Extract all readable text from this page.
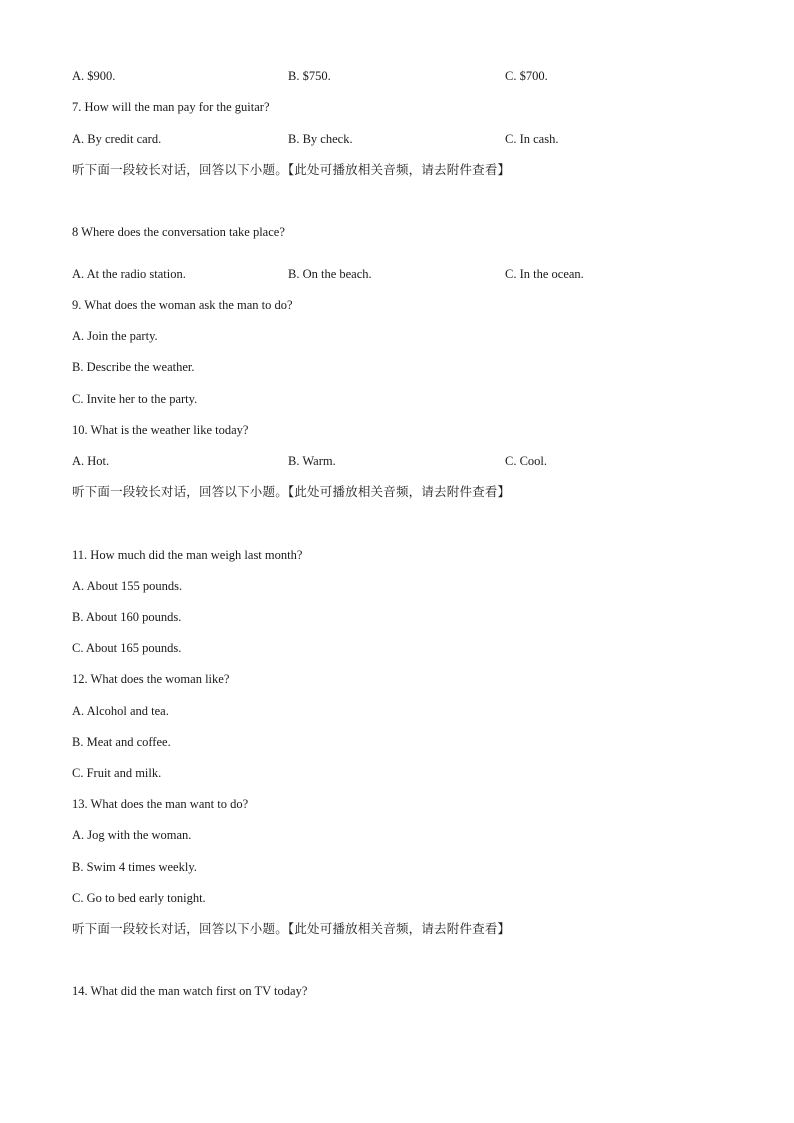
A. $900.	B. $750.	C. $700.
7. How will the man pay for the guitar?
A. By credit card.	B. By check.	C. In cash.
听下面一段较长对话，回答以下小题。【此处可播放相关音频，请去附件查看】
8 Where does the conversation take place?
A. At the radio station.	B. On the beach.	C. In the ocean.
9. What does the woman ask the man to do?
A. Join the party.
B. Describe the weather.
C. Invite her to the party.
10. What is the weather like today?
A. Hot.	B. Warm.	C. Cool.
听下面一段较长对话，回答以下小题。【此处可播放相关音频，请去附件查看】
11. How much did the man weigh last month?
A. About 155 pounds.
B. About 160 pounds.
C. About 165 pounds.
12. What does the woman like?
A. Alcohol and tea.
B. Meat and coffee.
C. Fruit and milk.
13. What does the man want to do?
A. Jog with the woman.
B. Swim 4 times weekly.
C. Go to bed early tonight.
听下面一段较长对话，回答以下小题。【此处可播放相关音频，请去附件查看】
14. What did the man watch first on TV today?
